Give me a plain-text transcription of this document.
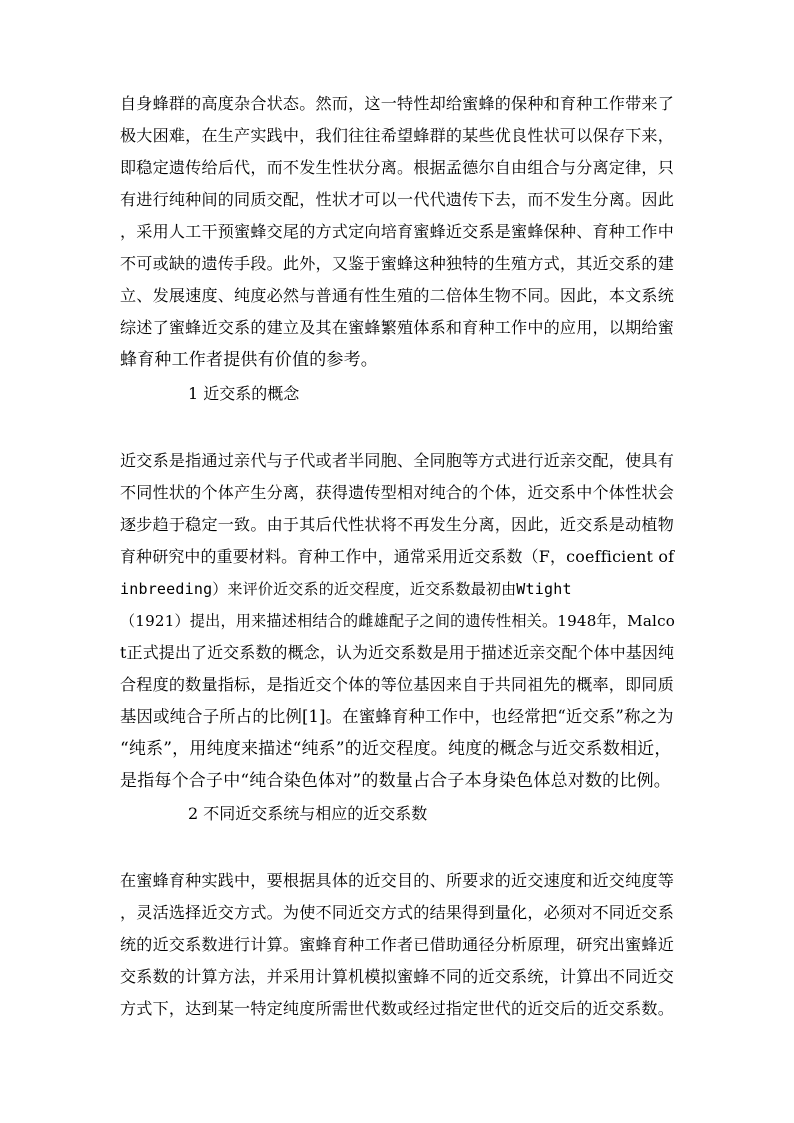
自身蜂群的高度杂合状态。然而，这一特性却给蜜蜂的保种和育种工作带来了
极大困难，在生产实践中，我们往往希望蜂群的某些优良性状可以保存下来，
即稳定遗传给后代，而不发生性状分离。根据孟德尔自由组合与分离定律，只
有进行纯种间的同质交配，性状才可以一代代遗传下去，而不发生分离。因此
，采用人工干预蜜蜂交尾的方式定向培育蜜蜂近交系是蜜蜂保种、育种工作中
不可或缺的遗传手段。此外，又鉴于蜜蜂这种独特的生殖方式，其近交系的建
立、发展速度、纯度必然与普通有性生殖的二倍体生物不同。因此，本文系统
综述了蜜蜂近交系的建立及其在蜜蜂繁殖体系和育种工作中的应用，以期给蜜
蜂育种工作者提供有价值的参考。
1 近交系的概念
近交系是指通过亲代与子代或者半同胞、全同胞等方式进行近亲交配，使具有
不同性状的个体产生分离，获得遗传型相对纯合的个体，近交系中个体性状会
逐步趋于稳定一致。由于其后代性状将不再发生分离，因此，近交系是动植物
育种研究中的重要材料。育种工作中，通常采用近交系数（F，coefficient of
inbreeding）来评价近交系的近交程度，近交系数最初由Wtight
（1921）提出，用来描述相结合的雌雄配子之间的遗传性相关。1948年，Malco
t正式提出了近交系数的概念，认为近交系数是用于描述近亲交配个体中基因纯
合程度的数量指标，是指近交个体的等位基因来自于共同祖先的概率，即同质
基因或纯合子所占的比例[1]。在蜜蜂育种工作中，也经常把“近交系”称之为
“纯系”，用纯度来描述“纯系”的近交程度。纯度的概念与近交系数相近，
是指每个合子中“纯合染色体对”的数量占合子本身染色体总对数的比例。
2 不同近交系统与相应的近交系数
在蜜蜂育种实践中，要根据具体的近交目的、所要求的近交速度和近交纯度等
，灵活选择近交方式。为使不同近交方式的结果得到量化，必须对不同近交系
统的近交系数进行计算。蜜蜂育种工作者已借助通径分析原理，研究出蜜蜂近
交系数的计算方法，并采用计算机模拟蜜蜂不同的近交系统，计算出不同近交
方式下，达到某一特定纯度所需世代数或经过指定世代的近交后的近交系数。
